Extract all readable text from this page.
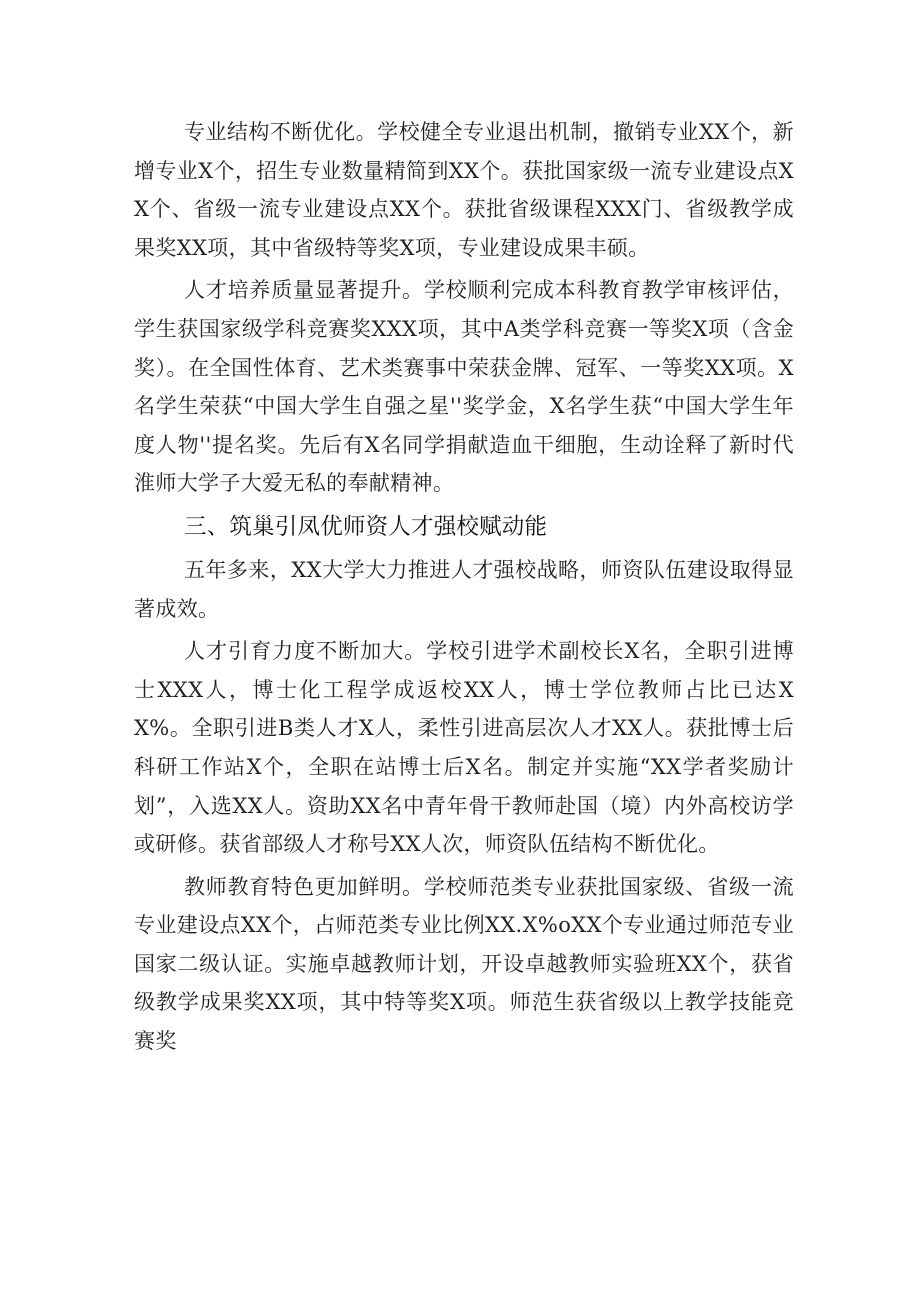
专业结构不断优化。学校健全专业退出机制，撤销专业XX个，新增专业X个，招生专业数量精简到XX个。获批国家级一流专业建设点XX个、省级一流专业建设点XX个。获批省级课程XXX门、省级教学成果奖XX项，其中省级特等奖X项，专业建设成果丰硕。

人才培养质量显著提升。学校顺利完成本科教育教学审核评估，学生获国家级学科竞赛奖XXX项，其中A类学科竞赛一等奖X项（含金奖）。在全国性体育、艺术类赛事中荣获金牌、冠军、一等奖XX项。X名学生荣获“中国大学生自强之星''奖学金，X名学生获“中国大学生年度人物''提名奖。先后有X名同学捐献造血干细胞，生动诠释了新时代淮师大学子大爱无私的奉献精神。

三、筑巢引凤优师资人才强校赋动能

五年多来，XX大学大力推进人才强校战略，师资队伍建设取得显著成效。

人才引育力度不断加大。学校引进学术副校长X名，全职引进博士XXX人，博士化工程学成返校XX人，博士学位教师占比已达XX%。全职引进B类人才X人，柔性引进高层次人才XX人。获批博士后科研工作站X个，全职在站博士后X名。制定并实施“XX学者奖励计划”，入选XX人。资助XX名中青年骨干教师赴国（境）内外高校访学或研修。获省部级人才称号XX人次，师资队伍结构不断优化。

教师教育特色更加鲜明。学校师范类专业获批国家级、省级一流专业建设点XX个，占师范类专业比例XX.X%oXX个专业通过师范专业国家二级认证。实施卓越教师计划，开设卓越教师实验班XX个，获省级教学成果奖XX项，其中特等奖X项。师范生获省级以上教学技能竞赛奖
